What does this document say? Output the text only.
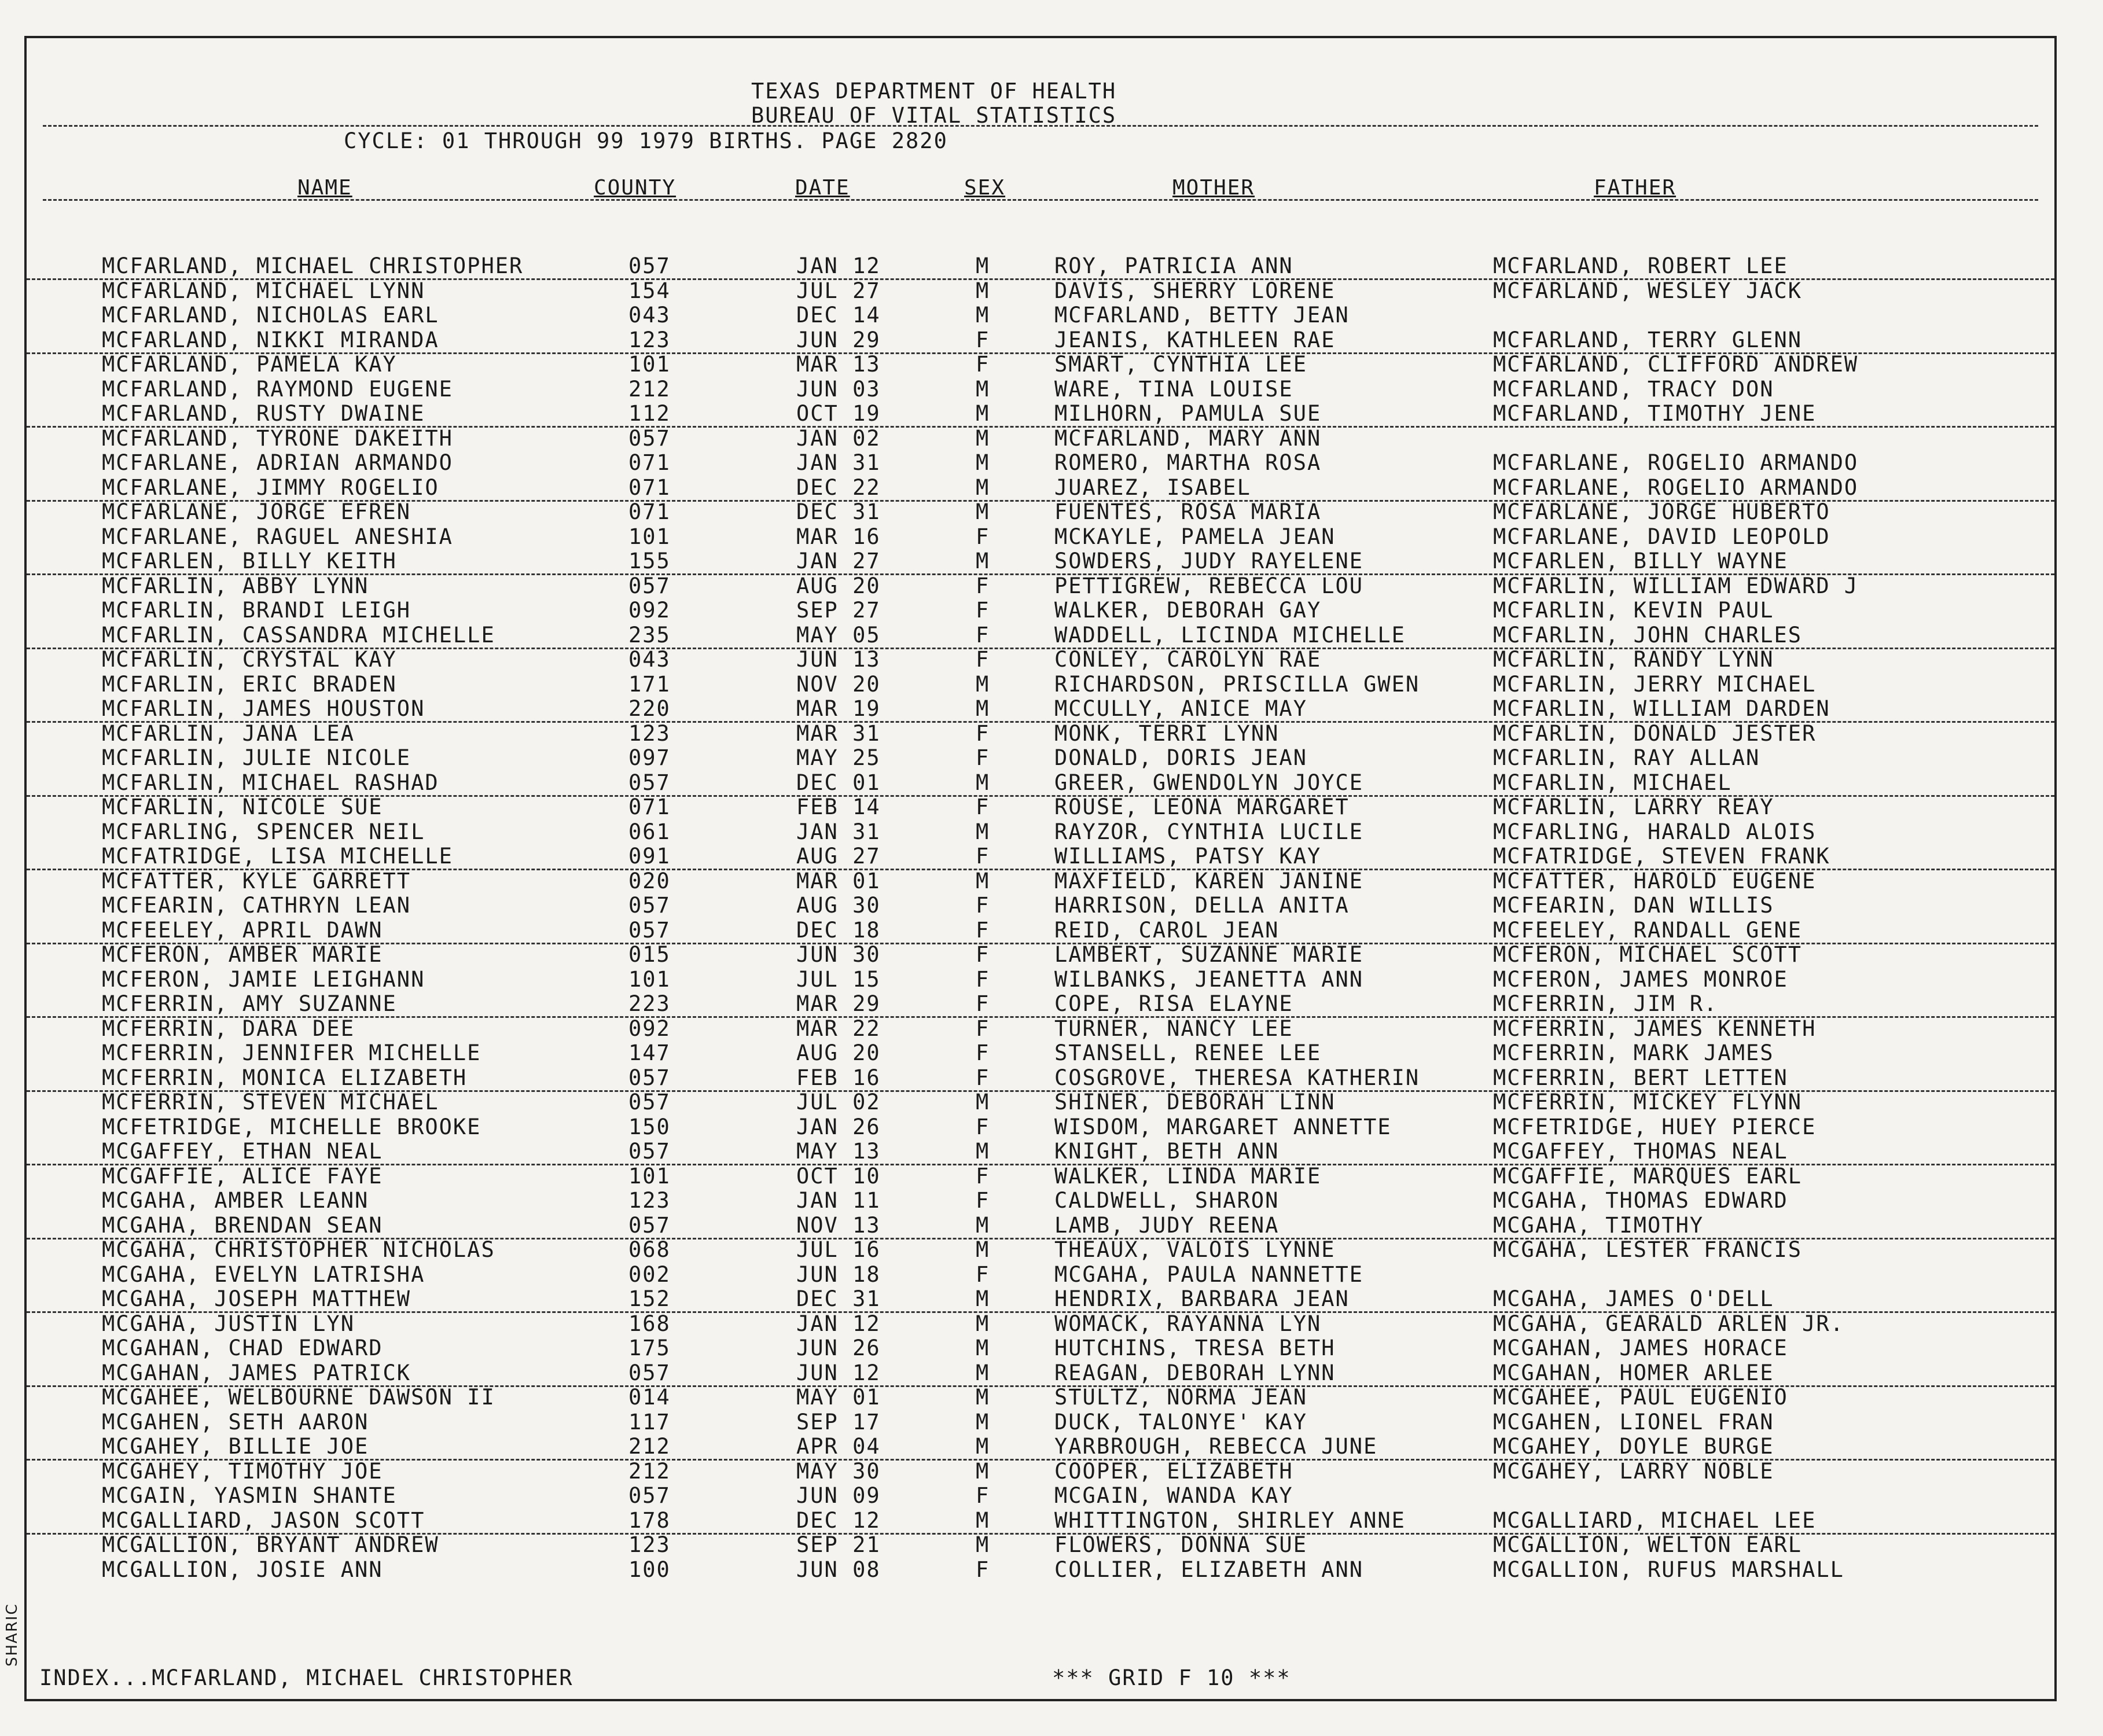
TEXAS DEPARTMENT OF HEALTH
BUREAU OF VITAL STATISTICS
CYCLE: 01 THROUGH 99 1979 BIRTHS. PAGE 2820
NAME	COUNTY	DATE	SEX	MOTHER	FATHER
MCFARLAND, MICHAEL CHRISTOPHER	057	JAN 12	M	ROY, PATRICIA ANN	MCFARLAND, ROBERT LEE
MCFARLAND, MICHAEL LYNN	154	JUL 27	M	DAVIS, SHERRY LORENE	MCFARLAND, WESLEY JACK
MCFARLAND, NICHOLAS EARL	043	DEC 14	M	MCFARLAND, BETTY JEAN
MCFARLAND, NIKKI MIRANDA	123	JUN 29	F	JEANIS, KATHLEEN RAE	MCFARLAND, TERRY GLENN
MCFARLAND, PAMELA KAY	101	MAR 13	F	SMART, CYNTHIA LEE	MCFARLAND, CLIFFORD ANDREW
MCFARLAND, RAYMOND EUGENE	212	JUN 03	M	WARE, TINA LOUISE	MCFARLAND, TRACY DON
MCFARLAND, RUSTY DWAINE	112	OCT 19	M	MILHORN, PAMULA SUE	MCFARLAND, TIMOTHY JENE
MCFARLAND, TYRONE DAKEITH	057	JAN 02	M	MCFARLAND, MARY ANN
MCFARLANE, ADRIAN ARMANDO	071	JAN 31	M	ROMERO, MARTHA ROSA	MCFARLANE, ROGELIO ARMANDO
MCFARLANE, JIMMY ROGELIO	071	DEC 22	M	JUAREZ, ISABEL	MCFARLANE, ROGELIO ARMANDO
MCFARLANE, JORGE EFREN	071	DEC 31	M	FUENTES, ROSA MARIA	MCFARLANE, JORGE HUBERTO
MCFARLANE, RAGUEL ANESHIA	101	MAR 16	F	MCKAYLE, PAMELA JEAN	MCFARLANE, DAVID LEOPOLD
MCFARLEN, BILLY KEITH	155	JAN 27	M	SOWDERS, JUDY RAYELENE	MCFARLEN, BILLY WAYNE
MCFARLIN, ABBY LYNN	057	AUG 20	F	PETTIGREW, REBECCA LOU	MCFARLIN, WILLIAM EDWARD J
MCFARLIN, BRANDI LEIGH	092	SEP 27	F	WALKER, DEBORAH GAY	MCFARLIN, KEVIN PAUL
MCFARLIN, CASSANDRA MICHELLE	235	MAY 05	F	WADDELL, LICINDA MICHELLE	MCFARLIN, JOHN CHARLES
MCFARLIN, CRYSTAL KAY	043	JUN 13	F	CONLEY, CAROLYN RAE	MCFARLIN, RANDY LYNN
MCFARLIN, ERIC BRADEN	171	NOV 20	M	RICHARDSON, PRISCILLA GWEN	MCFARLIN, JERRY MICHAEL
MCFARLIN, JAMES HOUSTON	220	MAR 19	M	MCCULLY, ANICE MAY	MCFARLIN, WILLIAM DARDEN
MCFARLIN, JANA LEA	123	MAR 31	F	MONK, TERRI LYNN	MCFARLIN, DONALD JESTER
MCFARLIN, JULIE NICOLE	097	MAY 25	F	DONALD, DORIS JEAN	MCFARLIN, RAY ALLAN
MCFARLIN, MICHAEL RASHAD	057	DEC 01	M	GREER, GWENDOLYN JOYCE	MCFARLIN, MICHAEL
MCFARLIN, NICOLE SUE	071	FEB 14	F	ROUSE, LEONA MARGARET	MCFARLIN, LARRY REAY
MCFARLING, SPENCER NEIL	061	JAN 31	M	RAYZOR, CYNTHIA LUCILE	MCFARLING, HARALD ALOIS
MCFATRIDGE, LISA MICHELLE	091	AUG 27	F	WILLIAMS, PATSY KAY	MCFATRIDGE, STEVEN FRANK
MCFATTER, KYLE GARRETT	020	MAR 01	M	MAXFIELD, KAREN JANINE	MCFATTER, HAROLD EUGENE
MCFEARIN, CATHRYN LEAN	057	AUG 30	F	HARRISON, DELLA ANITA	MCFEARIN, DAN WILLIS
MCFEELEY, APRIL DAWN	057	DEC 18	F	REID, CAROL JEAN	MCFEELEY, RANDALL GENE
MCFERON, AMBER MARIE	015	JUN 30	F	LAMBERT, SUZANNE MARIE	MCFERON, MICHAEL SCOTT
MCFERON, JAMIE LEIGHANN	101	JUL 15	F	WILBANKS, JEANETTA ANN	MCFERON, JAMES MONROE
MCFERRIN, AMY SUZANNE	223	MAR 29	F	COPE, RISA ELAYNE	MCFERRIN, JIM R.
MCFERRIN, DARA DEE	092	MAR 22	F	TURNER, NANCY LEE	MCFERRIN, JAMES KENNETH
MCFERRIN, JENNIFER MICHELLE	147	AUG 20	F	STANSELL, RENEE LEE	MCFERRIN, MARK JAMES
MCFERRIN, MONICA ELIZABETH	057	FEB 16	F	COSGROVE, THERESA KATHERIN	MCFERRIN, BERT LETTEN
MCFERRIN, STEVEN MICHAEL	057	JUL 02	M	SHINER, DEBORAH LINN	MCFERRIN, MICKEY FLYNN
MCFETRIDGE, MICHELLE BROOKE	150	JAN 26	F	WISDOM, MARGARET ANNETTE	MCFETRIDGE, HUEY PIERCE
MCGAFFEY, ETHAN NEAL	057	MAY 13	M	KNIGHT, BETH ANN	MCGAFFEY, THOMAS NEAL
MCGAFFIE, ALICE FAYE	101	OCT 10	F	WALKER, LINDA MARIE	MCGAFFIE, MARQUES EARL
MCGAHA, AMBER LEANN	123	JAN 11	F	CALDWELL, SHARON	MCGAHA, THOMAS EDWARD
MCGAHA, BRENDAN SEAN	057	NOV 13	M	LAMB, JUDY REENA	MCGAHA, TIMOTHY
MCGAHA, CHRISTOPHER NICHOLAS	068	JUL 16	M	THEAUX, VALOIS LYNNE	MCGAHA, LESTER FRANCIS
MCGAHA, EVELYN LATRISHA	002	JUN 18	F	MCGAHA, PAULA NANNETTE
MCGAHA, JOSEPH MATTHEW	152	DEC 31	M	HENDRIX, BARBARA JEAN	MCGAHA, JAMES O'DELL
MCGAHA, JUSTIN LYN	168	JAN 12	M	WOMACK, RAYANNA LYN	MCGAHA, GEARALD ARLEN JR.
MCGAHAN, CHAD EDWARD	175	JUN 26	M	HUTCHINS, TRESA BETH	MCGAHAN, JAMES HORACE
MCGAHAN, JAMES PATRICK	057	JUN 12	M	REAGAN, DEBORAH LYNN	MCGAHAN, HOMER ARLEE
MCGAHEE, WELBOURNE DAWSON II	014	MAY 01	M	STULTZ, NORMA JEAN	MCGAHEE, PAUL EUGENIO
MCGAHEN, SETH AARON	117	SEP 17	M	DUCK, TALONYE' KAY	MCGAHEN, LIONEL FRAN
MCGAHEY, BILLIE JOE	212	APR 04	M	YARBROUGH, REBECCA JUNE	MCGAHEY, DOYLE BURGE
MCGAHEY, TIMOTHY JOE	212	MAY 30	M	COOPER, ELIZABETH	MCGAHEY, LARRY NOBLE
MCGAIN, YASMIN SHANTE	057	JUN 09	F	MCGAIN, WANDA KAY
MCGALLIARD, JASON SCOTT	178	DEC 12	M	WHITTINGTON, SHIRLEY ANNE	MCGALLIARD, MICHAEL LEE
MCGALLION, BRYANT ANDREW	123	SEP 21	M	FLOWERS, DONNA SUE	MCGALLION, WELTON EARL
MCGALLION, JOSIE ANN	100	JUN 08	F	COLLIER, ELIZABETH ANN	MCGALLION, RUFUS MARSHALL
INDEX...MCFARLAND, MICHAEL CHRISTOPHER	*** GRID F 10 ***
SHARIC
